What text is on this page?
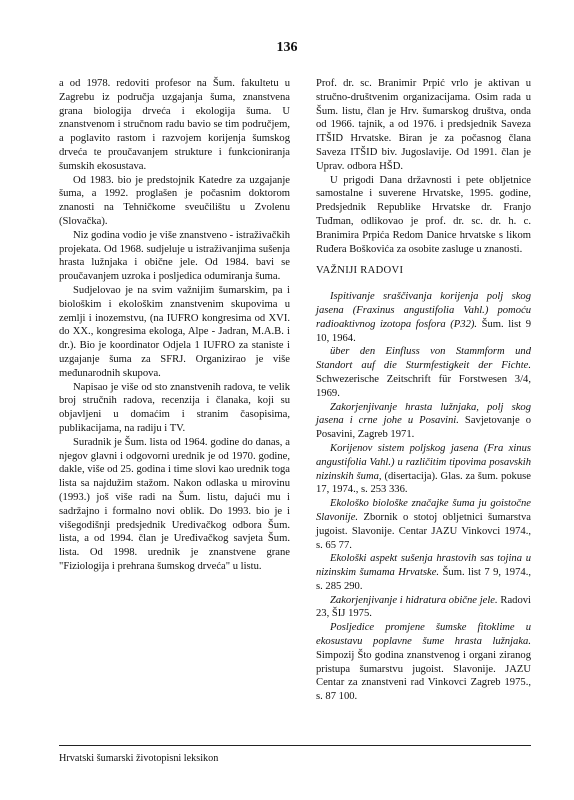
136

a od 1978. redoviti profesor na Šum. fakultetu u Zagrebu iz područja uzgajanja šuma, znanstvena grana biologija drveća i ekologija šuma. U znanstvenom i stručnom radu bavio se tim područjem, a poglavito rastom i razvojem korijenja šumskog drveća te proučavanjem strukture i funkcioniranja šumskih ekosustava.

Od 1983. bio je predstojnik Katedre za uzgajanje šuma, a 1992. proglašen je počasnim doktorom znanosti na Tehničkome sveučilištu u Zvolenu (Slovačka).

Niz godina vodio je više znanstveno - istraživačkih projekata. Od 1968. sudjeluje u istraživanjima sušenja hrasta lužnjaka i obične jele. Od 1984. bavi se proučavanjem uzroka i posljedica odumiranja šuma.

Sudjelovao je na svim važnijim šumarskim, pa i biološkim i ekološkim znanstvenim skupovima u zemlji i inozemstvu, (na IUFRO kongresima od XVI. do XX., kongresima ekologa, Alpe - Jadran, M.A.B. i dr.). Bio je koordinator Odjela 1 IUFRO za staniste i uzgajanje šuma za SFRJ. Organizirao je više međunarodnih skupova.

Napisao je više od sto znanstvenih radova, te velik broj stručnih radova, recenzija i članaka, koji su objavljeni u domaćim i stranim časopisima, publikacijama, na radiju i TV.

Suradnik je Šum. lista od 1964. godine do danas, a njegov glavni i odgovorni urednik je od 1970. godine, dakle, više od 25. godina i time slovi kao urednik toga lista sa najdužim stažom. Nakon odlaska u mirovinu (1993.) još više radi na Šum. listu, dajući mu i sadržajno i formalno novi oblik. Do 1993. bio je i višegodišnji predsjednik Uredivačkog odbora Šum. lista, a od 1994. član je Uređivačkog savjeta Šum. lista. Od 1998. urednik je znanstvene grane "Fiziologija i prehrana šumskog drveća" u listu.

Prof. dr. sc. Branimir Prpić vrlo je aktivan u stručno-društvenim organizacijama. Osim rada u Šum. listu, član je Hrv. šumarskog društva, onda od 1966. tajnik, a od 1976. i predsjednik Saveza ITŠID Hrvatske. Biran je za počasnog člana Saveza ITŠID biv. Jugoslavije. Od 1991. član je Uprav. odbora HŠD.

U prigodi Dana državnosti i pete obljetnice samostalne i suverene Hrvatske, 1995. godine, Predsjednik Republike Hrvatske dr. Franjo Tuđman, odlikovao je prof. dr. sc. dr. h. c. Branimira Prpića Redom Danice hrvatske s likom Ruđera Boškovića za osobite zasluge u znanosti.

VAŽNIJI RADOVI

Ispitivanje sraščivanja korijenja polj skog jasena (Fraxinus angustifolia Vahl.) pomoću radioaktivnog izotopa fosfora (P32). Šum. list 9 10, 1964.

über den Einfluss von Stammform und Standort auf die Sturmfestigkeit der Fichte. Schwezerische Zeitschrift für Forstwesen 3/4, 1969.

Zakorjenjivanje hrasta lužnjaka, polj skog jasena i crne johe u Posavini. Savjetovanje o Posavini, Zagreb 1971.

Korijenov sistem poljskog jasena (Fra xinus angustifolia Vahl.) u različitim tipovima posavskih nizinskih šuma, (disertacija). Glas. za šum. pokuse 17, 1974., s. 253 336.

Ekološko biološke značajke šuma ju goistočne Slavonije. Zbornik o stotoj obljetnici šumarstva jugoist. Slavonije. Centar JAZU Vinkovci 1974., s. 65 77.

Ekološki aspekt sušenja hrastovih sas tojina u nizinskim šumama Hrvatske. Šum. list 7 9, 1974., s. 285 290.

Zakorjenjivanje i hidratura obične jele. Radovi 23, ŠIJ 1975.

Posljedice promjene šumske fitoklime u ekosustavu poplavne šume hrasta lužnjaka. Simpozij Što godina znanstvenog i organi ziranog pristupa šumarstvu jugoist. Slavonije. JAZU Centar za znanstveni rad Vinkovci Zagreb 1975., s. 87 100.

Hrvatski šumarski životopisni leksikon
